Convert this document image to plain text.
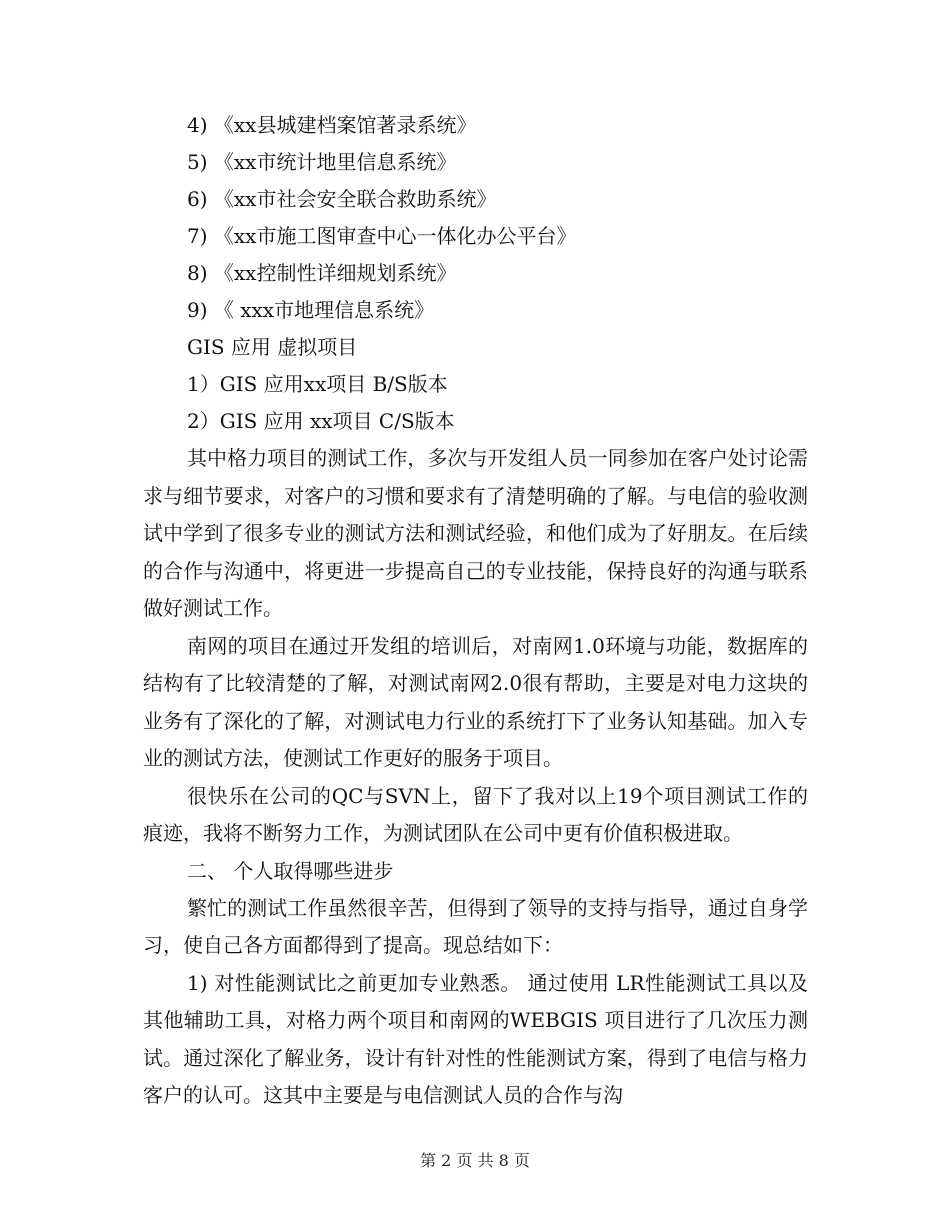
4) 《xx县城建档案馆著录系统》
5) 《xx市统计地里信息系统》
6) 《xx市社会安全联合救助系统》
7) 《xx市施工图审查中心一体化办公平台》
8) 《xx控制性详细规划系统》
9) 《 xxx市地理信息系统》
GIS 应用 虚拟项目
1）GIS 应用xx项目 B/S版本
2）GIS 应用 xx项目 C/S版本

其中格力项目的测试工作，多次与开发组人员一同参加在客户处讨论需求与细节要求，对客户的习惯和要求有了清楚明确的了解。与电信的验收测试中学到了很多专业的测试方法和测试经验，和他们成为了好朋友。在后续的合作与沟通中，将更进一步提高自己的专业技能，保持良好的沟通与联系做好测试工作。

南网的项目在通过开发组的培训后，对南网1.0环境与功能，数据库的结构有了比较清楚的了解，对测试南网2.0很有帮助，主要是对电力这块的业务有了深化的了解，对测试电力行业的系统打下了业务认知基础。加入专业的测试方法，使测试工作更好的服务于项目。

很快乐在公司的QC与SVN上，留下了我对以上19个项目测试工作的痕迹，我将不断努力工作，为测试团队在公司中更有价值积极进取。

二、 个人取得哪些进步

繁忙的测试工作虽然很辛苦，但得到了领导的支持与指导，通过自身学习，使自己各方面都得到了提高。现总结如下：

1) 对性能测试比之前更加专业熟悉。 通过使用 LR性能测试工具以及其他辅助工具，对格力两个项目和南网的WEBGIS 项目进行了几次压力测试。通过深化了解业务，设计有针对性的性能测试方案，得到了电信与格力客户的认可。这其中主要是与电信测试人员的合作与沟

第 2 页 共 8 页
